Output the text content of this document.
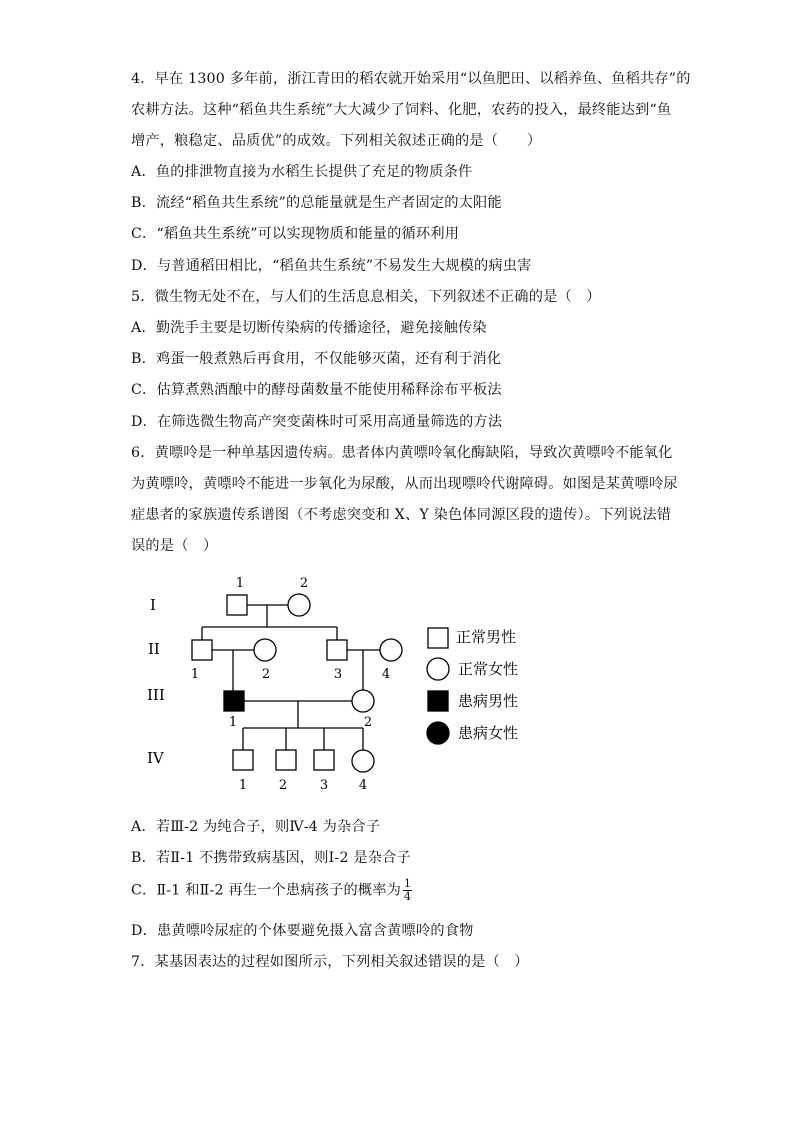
4．早在 1300 多年前，浙江青田的稻农就开始采用“以鱼肥田、以稻养鱼、鱼稻共存”的
农耕方法。这种“稻鱼共生系统”大大减少了饲料、化肥，农药的投入，最终能达到“鱼
增产，粮稳定、品质优”的成效。下列相关叙述正确的是（　　）
A．鱼的排泄物直接为水稻生长提供了充足的物质条件
B．流经“稻鱼共生系统”的总能量就是生产者固定的太阳能
C．“稻鱼共生系统”可以实现物质和能量的循环利用
D．与普通稻田相比，“稻鱼共生系统”不易发生大规模的病虫害
5．微生物无处不在，与人们的生活息息相关，下列叙述不正确的是（　）
A．勤洗手主要是切断传染病的传播途径，避免接触传染
B．鸡蛋一般煮熟后再食用，不仅能够灭菌，还有利于消化
C．估算煮熟酒酿中的酵母菌数量不能使用稀释涂布平板法
D．在筛选微生物高产突变菌株时可采用高通量筛选的方法
6．黄嘌呤是一种单基因遗传病。患者体内黄嘌呤氧化酶缺陷，导致次黄嘌呤不能氧化
为黄嘌呤，黄嘌呤不能进一步氧化为尿酸，从而出现嘌呤代谢障碍。如图是某黄嘌呤尿
症患者的家族遗传系谱图（不考虑突变和 X、Y 染色体同源区段的遗传）。下列说法错
误的是（　）
I
II
III
IV
1	2
1	2	3	4
1	2
1 2	3 4
正常男性
正常女性
患病男性
患病女性
A．若Ⅲ-2 为纯合子，则Ⅳ-4 为杂合子
B．若Ⅱ-1 不携带致病基因，则Ⅰ-2 是杂合子
C．Ⅱ-1 和Ⅱ-2 再生一个患病孩子的概率为 $\frac{1}{4}$
D．患黄嘌呤尿症的个体要避免摄入富含黄嘌呤的食物
7．某基因表达的过程如图所示，下列相关叙述错误的是（　）
